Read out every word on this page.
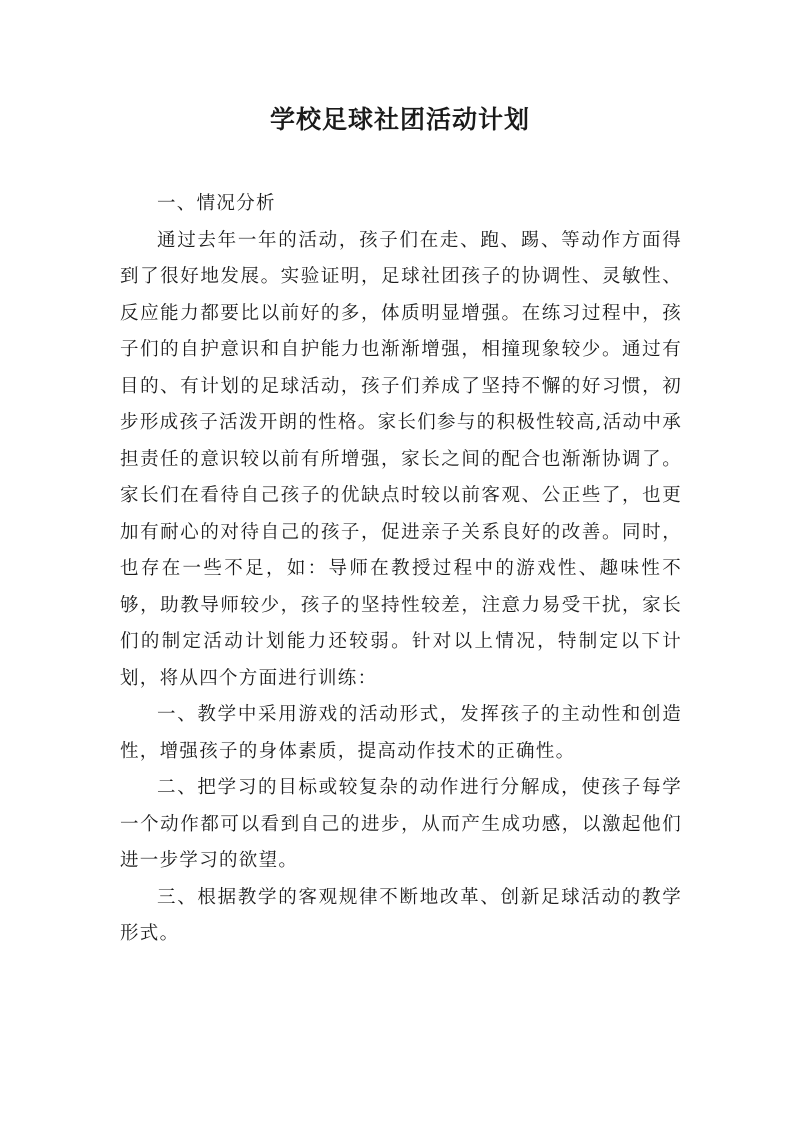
学校足球社团活动计划

一、情况分析

通过去年一年的活动，孩子们在走、跑、踢、等动作方面得到了很好地发展。实验证明，足球社团孩子的协调性、灵敏性、反应能力都要比以前好的多，体质明显增强。在练习过程中，孩子们的自护意识和自护能力也渐渐增强，相撞现象较少。通过有目的、有计划的足球活动，孩子们养成了坚持不懈的好习惯，初步形成孩子活泼开朗的性格。家长们参与的积极性较高,活动中承担责任的意识较以前有所增强，家长之间的配合也渐渐协调了。家长们在看待自己孩子的优缺点时较以前客观、公正些了，也更加有耐心的对待自己的孩子，促进亲子关系良好的改善。同时，也存在一些不足，如：导师在教授过程中的游戏性、趣味性不够，助教导师较少，孩子的坚持性较差，注意力易受干扰，家长们的制定活动计划能力还较弱。针对以上情况，特制定以下计划，将从四个方面进行训练：

一、教学中采用游戏的活动形式，发挥孩子的主动性和创造性，增强孩子的身体素质，提高动作技术的正确性。

二、把学习的目标或较复杂的动作进行分解成，使孩子每学一个动作都可以看到自己的进步，从而产生成功感，以激起他们进一步学习的欲望。

三、根据教学的客观规律不断地改革、创新足球活动的教学形式。
